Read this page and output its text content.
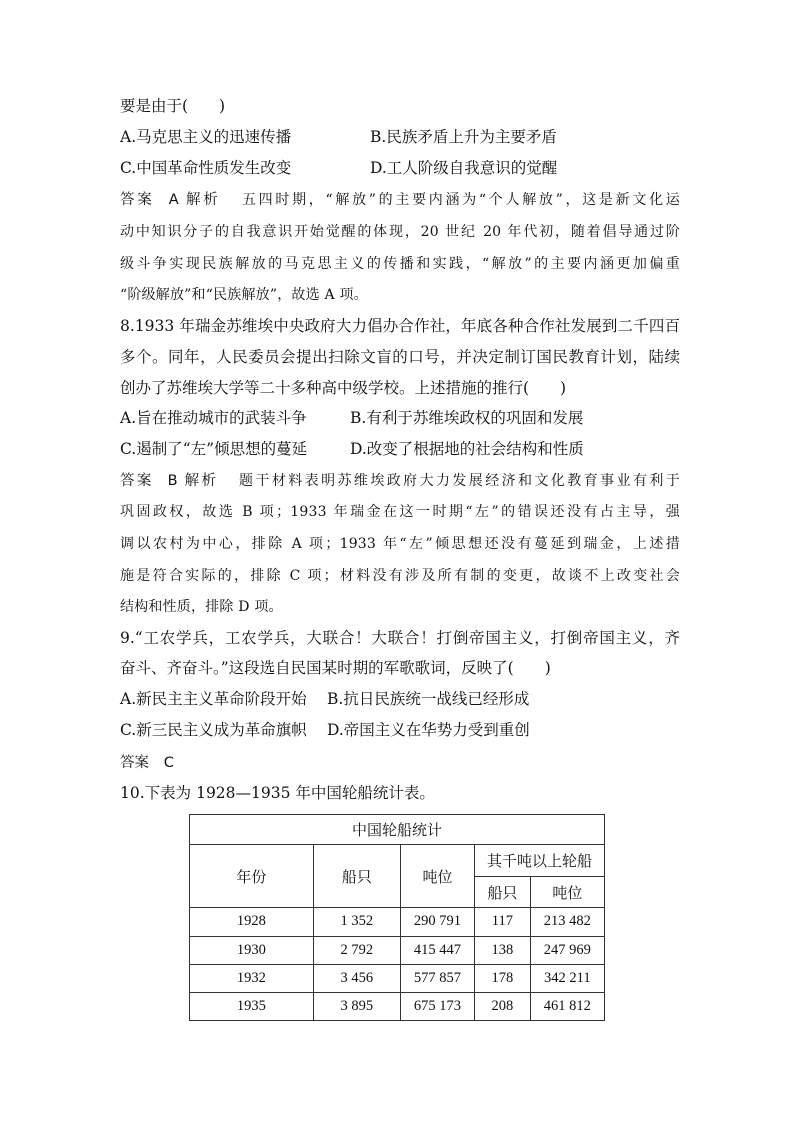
要是由于(　　)
A.马克思主义的迅速传播	B.民族矛盾上升为主要矛盾
C.中国革命性质发生改变	D.工人阶级自我意识的觉醒
答案 A 解析 五四时期，“解放”的主要内涵为“个人解放”，这是新文化运
动中知识分子的自我意识开始觉醒的体现，20 世纪 20 年代初，随着倡导通过阶
级斗争实现民族解放的马克思主义的传播和实践，“解放”的主要内涵更加偏重
“阶级解放”和“民族解放”，故选 A 项。
8.1933 年瑞金苏维埃中央政府大力倡办合作社，年底各种合作社发展到二千四百
多个。同年，人民委员会提出扫除文盲的口号，并决定制订国民教育计划，陆续
创办了苏维埃大学等二十多种高中级学校。上述措施的推行(　　)
A.旨在推动城市的武装斗争	B.有利于苏维埃政权的巩固和发展
C.遏制了“左”倾思想的蔓延	D.改变了根据地的社会结构和性质
答案 B 解析 题干材料表明苏维埃政府大力发展经济和文化教育事业有利于
巩固政权，故选 B 项；1933 年瑞金在这一时期“左”的错误还没有占主导，强
调以农村为中心，排除 A 项；1933 年“左”倾思想还没有蔓延到瑞金，上述措
施是符合实际的，排除 C 项；材料没有涉及所有制的变更，故谈不上改变社会
结构和性质，排除 D 项。
9.“工农学兵，工农学兵，大联合！大联合！打倒帝国主义，打倒帝国主义，齐
奋斗、齐奋斗。”这段选自民国某时期的军歌歌词，反映了(　　)
A.新民主主义革命阶段开始 B.抗日民族统一战线已经形成
C.新三民主义成为革命旗帜 D.帝国主义在华势力受到重创
答案 C
10.下表为 1928—1935 年中国轮船统计表。
中国轮船统计				
年份	船只	吨位	其千吨以上轮船	
			船只	吨位
1928	1 352	290 791	117	213 482
1930	2 792	415 447	138	247 969
1932	3 456	577 857	178	342 211
1935	3 895	675 173	208	461 812
